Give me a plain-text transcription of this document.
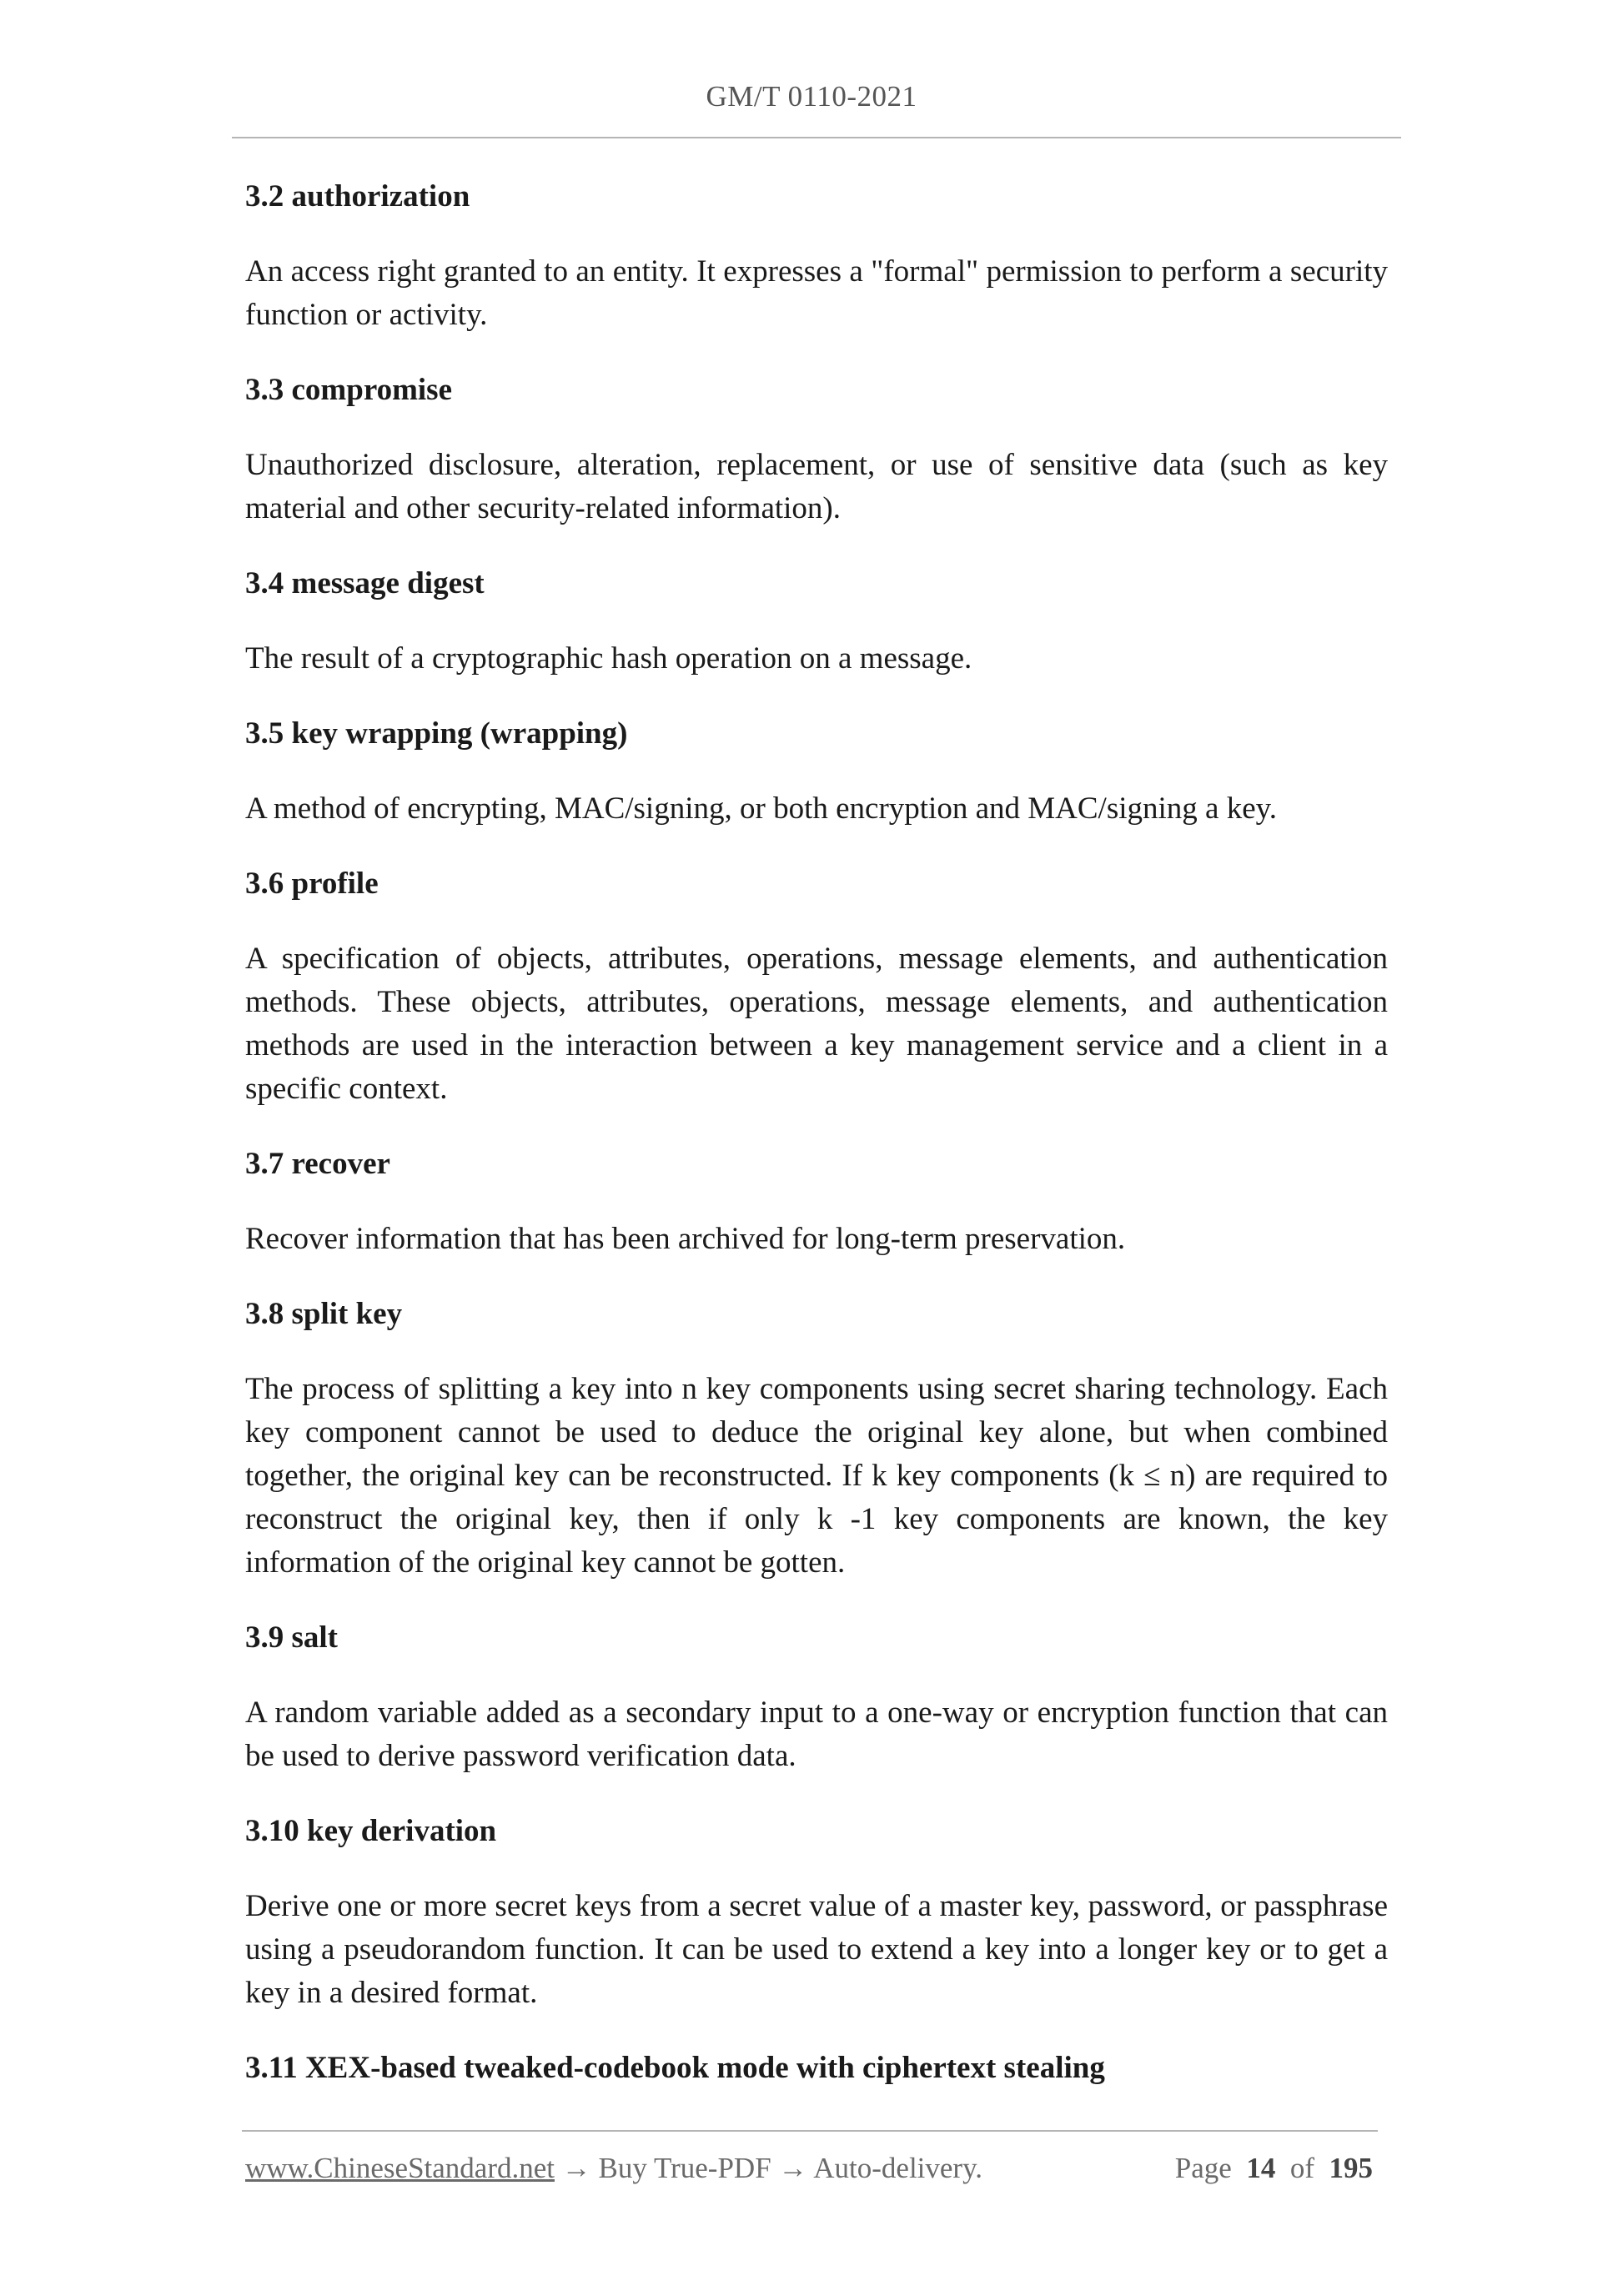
GM/T 0110-2021
3.2 authorization
An access right granted to an entity. It expresses a "formal" permission to perform a security function or activity.
3.3 compromise
Unauthorized disclosure, alteration, replacement, or use of sensitive data (such as key material and other security-related information).
3.4 message digest
The result of a cryptographic hash operation on a message.
3.5 key wrapping (wrapping)
A method of encrypting, MAC/signing, or both encryption and MAC/signing a key.
3.6 profile
A specification of objects, attributes, operations, message elements, and authentication methods. These objects, attributes, operations, message elements, and authentication methods are used in the interaction between a key management service and a client in a specific context.
3.7 recover
Recover information that has been archived for long-term preservation.
3.8 split key
The process of splitting a key into n key components using secret sharing technology. Each key component cannot be used to deduce the original key alone, but when combined together, the original key can be reconstructed. If k key components (k ≤ n) are required to reconstruct the original key, then if only k -1 key components are known, the key information of the original key cannot be gotten.
3.9 salt
A random variable added as a secondary input to a one-way or encryption function that can be used to derive password verification data.
3.10 key derivation
Derive one or more secret keys from a secret value of a master key, password, or passphrase using a pseudorandom function. It can be used to extend a key into a longer key or to get a key in a desired format.
3.11 XEX-based tweaked-codebook mode with ciphertext stealing
www.ChineseStandard.net → Buy True-PDF → Auto-delivery.	Page 14 of 195
